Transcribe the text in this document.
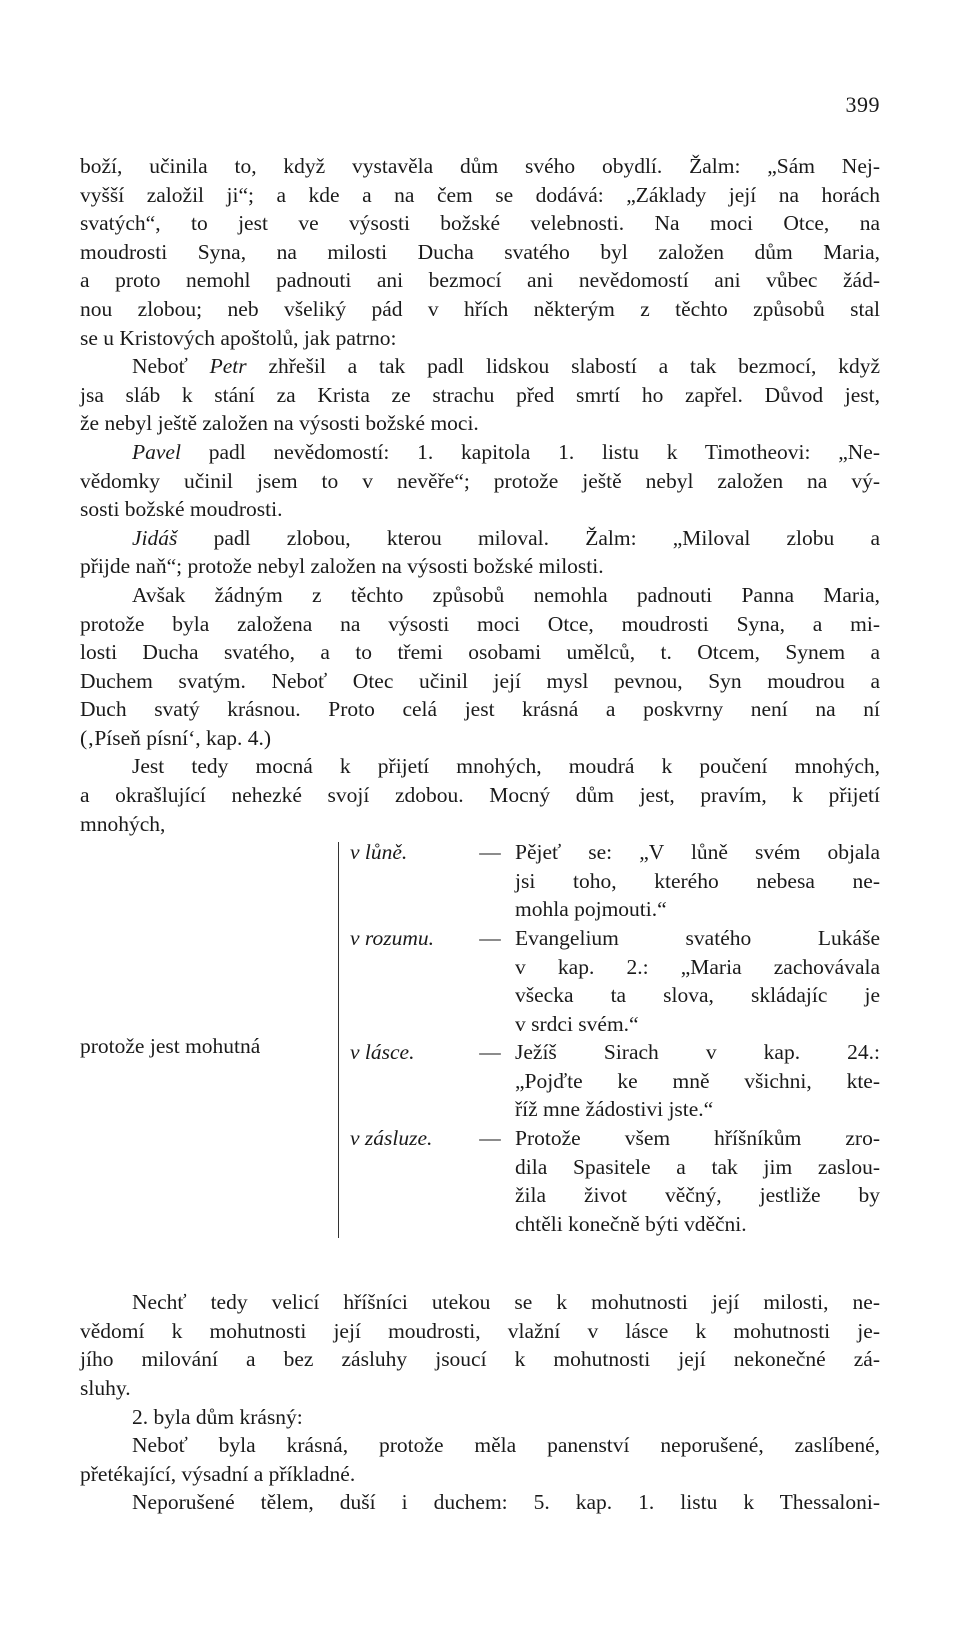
399

boží, učinila to, když vystavěla dům svého obydlí. Žalm: „Sám Nej-
vyšší založil ji“; a kde a na čem se dodává: „Základy její na horách
svatých“, to jest ve výsosti božské velebnosti. Na moci Otce, na
moudrosti Syna, na milosti Ducha svatého byl založen dům Maria,
a proto nemohl padnouti ani bezmocí ani nevědomostí ani vůbec žád-
nou zlobou; neb všeliký pád v hřích některým z těchto způsobů stal
se u Kristových apoštolů, jak patrno:

Neboť Petr zhřešil a tak padl lidskou slabostí a tak bezmocí, když
jsa sláb k stání za Krista ze strachu před smrtí ho zapřel. Důvod jest,
že nebyl ještě založen na výsosti božské moci.

Pavel padl nevědomostí: 1. kapitola 1. listu k Timotheovi: „Ne-
vědomky učinil jsem to v nevěře“; protože ještě nebyl založen na vý-
sosti božské moudrosti.

Jidáš padl zlobou, kterou miloval. Žalm: „Miloval zlobu a
přijde naň“; protože nebyl založen na výsosti božské milosti.

Avšak žádným z těchto způsobů nemohla padnouti Panna Maria,
protože byla založena na výsosti moci Otce, moudrosti Syna, a mi-
losti Ducha svatého, a to třemi osobami umělců, t. Otcem, Synem a
Duchem svatým. Neboť Otec učinil její mysl pevnou, Syn moudrou a
Duch svatý krásnou. Proto celá jest krásná a poskvrny není na ní
(‚Píseň písní‘, kap. 4.)

Jest tedy mocná k přijetí mnohých, moudrá k poučení mnohých,
a okrašlující nehezké svojí zdobou. Mocný dům jest, pravím, k přijetí
mnohých,

protože jest mohutná
v lůně.	— Pějeť se: „V lůně svém objala
jsi toho, kterého nebesa ne-
mohla pojmouti.“
v rozumu.	— Evangelium svatého Lukáše
v kap. 2.: „Maria zachovávala
všecka ta slova, skládajíc je
v srdci svém.“
v lásce.	— Ježíš Sirach v kap. 24.:
„Pojďte ke mně všichni, kte-
říž mne žádostivi jste.“
v zásluze.	— Protože všem hříšníkům zro-
dila Spasitele a tak jim zaslou-
žila život věčný, jestliže by
chtěli konečně býti vděčni.

Nechť tedy velicí hříšníci utekou se k mohutnosti její milosti, ne-
vědomí k mohutnosti její moudrosti, vlažní v lásce k mohutnosti je-
jího milování a bez zásluhy jsoucí k mohutnosti její nekonečné zá-
sluhy.

2. byla dům krásný:

Neboť byla krásná, protože měla panenství neporušené, zaslíbené,
přetékající, výsadní a příkladné.

Neporušené tělem, duší i duchem: 5. kap. 1. listu k Thessaloni-
